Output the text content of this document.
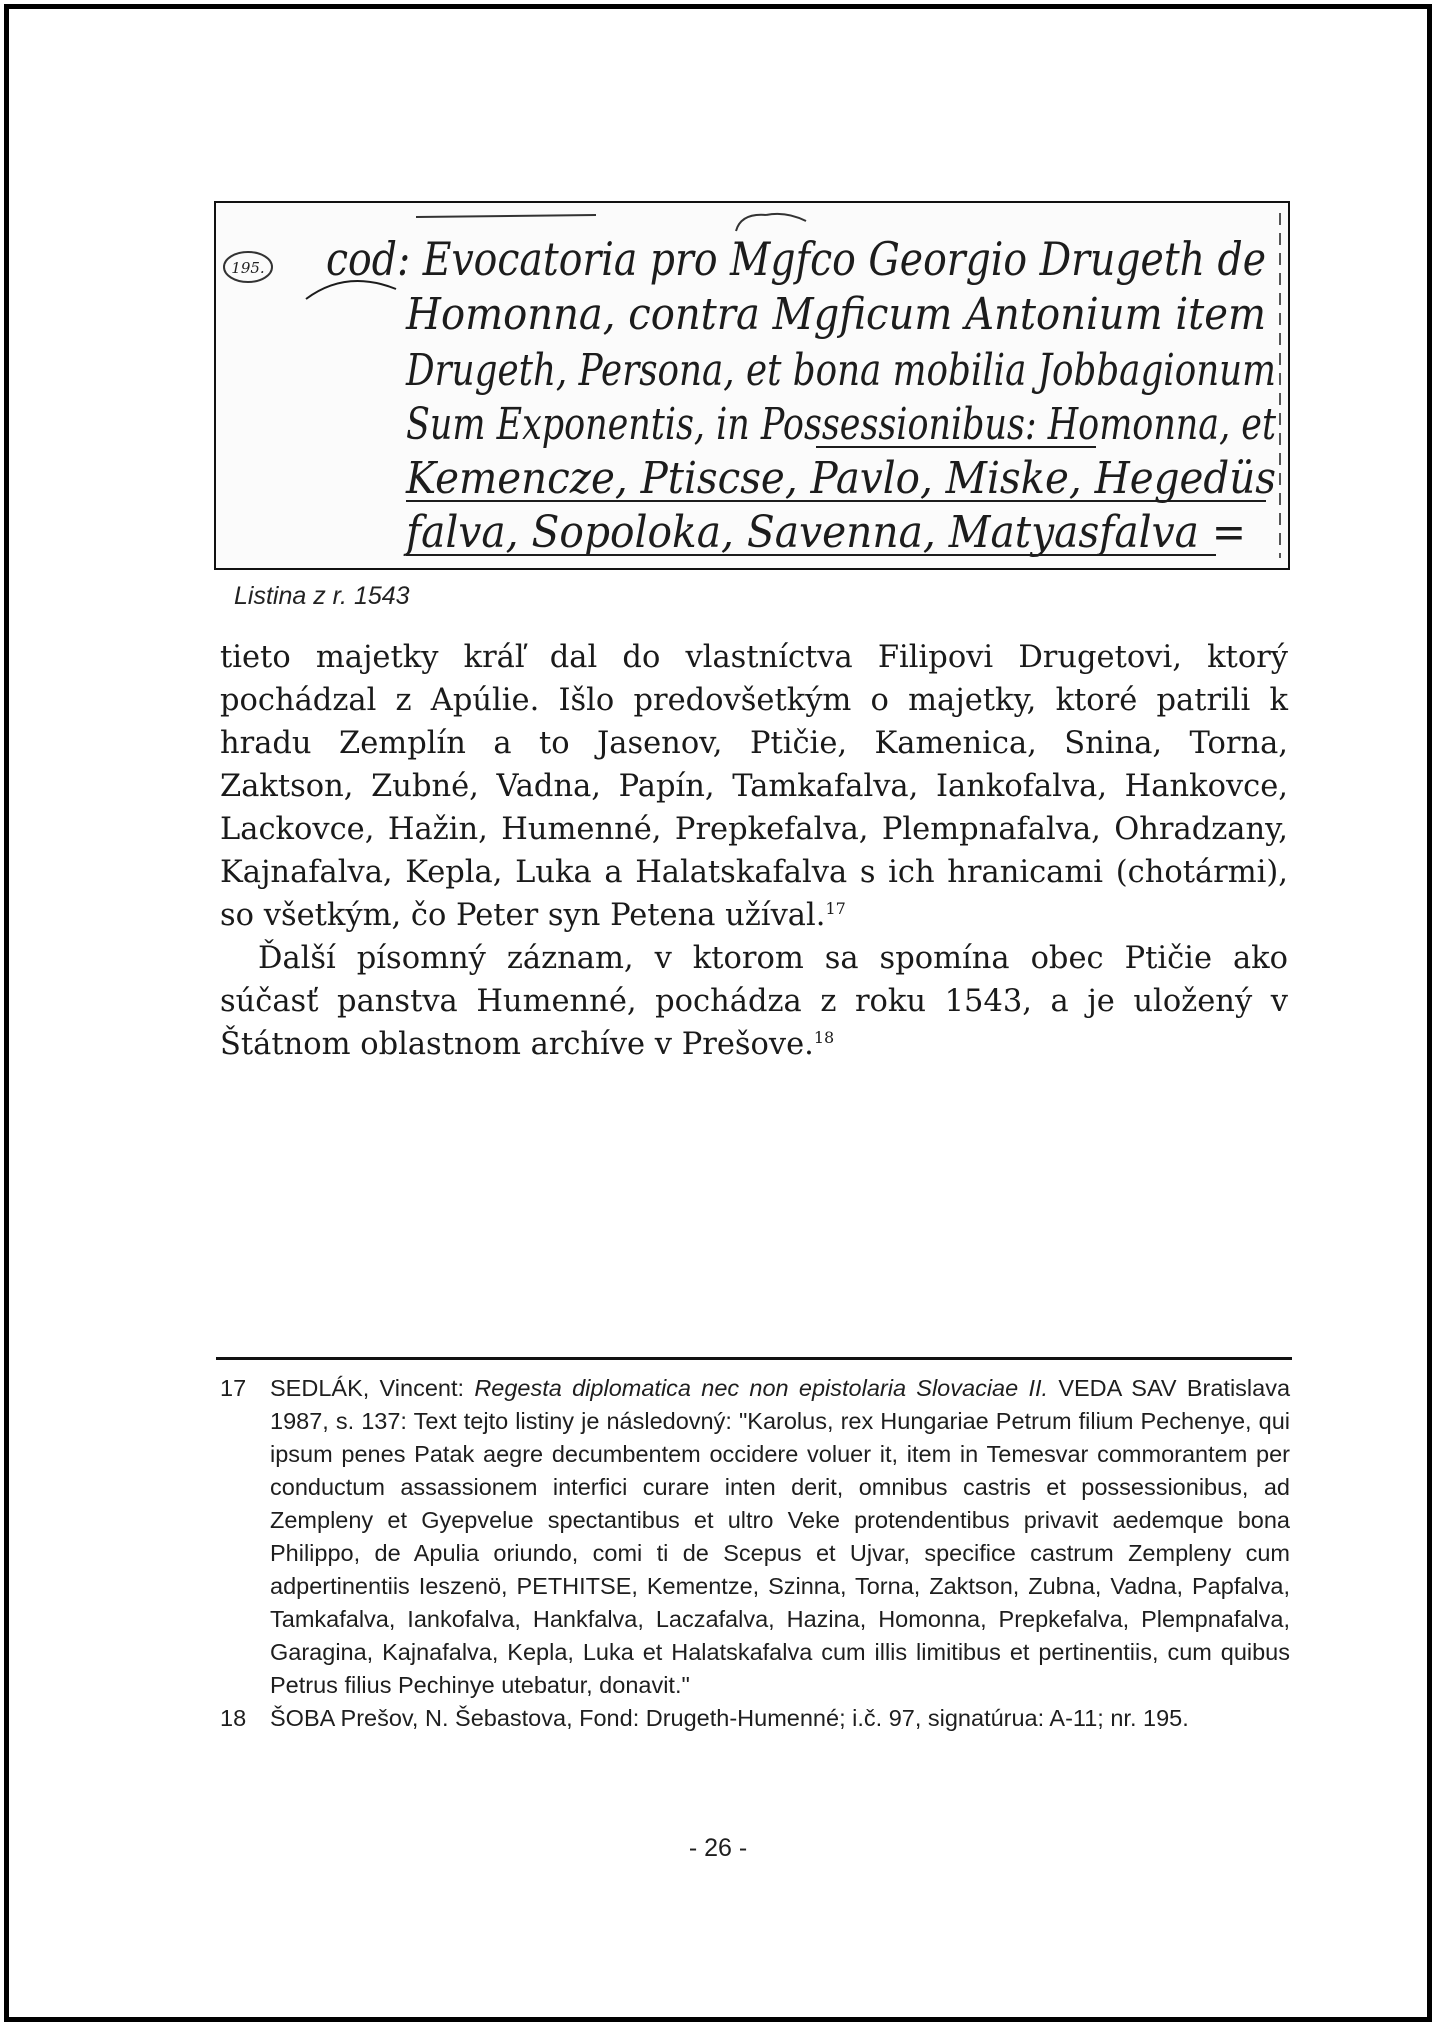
195. cod: Evocatoria pro Mgfco Georgio Drugeth de
Homonna, contra Mgficum Antonium item
Drugeth, Persona, et bona mobilia Jobbagionum
Sum Exponentis, in Possessionibus: Homonna, et
Kemencze, Ptiscse, Pavlo, Miske, Hegedüs
falva, Sopoloka, Savenna, Matyasfalva =
Listina z r. 1543

tieto majetky kráľ dal do vlastníctva Filipovi Drugetovi, ktorý pochádzal z Apúlie. Išlo predovšetkým o majetky, ktoré patrili k hradu Zemplín a to Jasenov, Ptičie, Kamenica, Snina, Torna, Zaktson, Zubné, Vadna, Papín, Tamkafalva, Iankofalva, Hankovce, Lackovce, Hažin, Humenné, Prepkefalva, Plempnafalva, Ohradzany, Kajnafalva, Kepla, Luka a Halatskafalva s ich hranicami (chotármi), so všetkým, čo Peter syn Petena užíval.$^{17}$

Ďalší písomný záznam, v ktorom sa spomína obec Ptičie ako súčasť panstva Humenné, pochádza z roku 1543, a je uložený v Štátnom oblastnom archíve v Prešove.$^{18}$

17	SEDLÁK, Vincent: Regesta diplomatica nec non epistolaria Slovaciae II. VEDA SAV Bratislava 1987, s. 137: Text tejto listiny je následovný: "Karolus, rex Hungariae Petrum filium Pechenye, qui ipsum penes Patak aegre decumbentem occidere voluer it, item in Temesvar commorantem per conductum assassionem interfici curare inten derit, omnibus castris et possessionibus, ad Zempleny et Gyepvelue spectantibus et ultro Veke protendentibus privavit aedemque bona Philippo, de Apulia oriundo, comi ti de Scepus et Ujvar, specifice castrum Zempleny cum adpertinentiis Ieszenö, PETHITSE, Kementze, Szinna, Torna, Zaktson, Zubna, Vadna, Papfalva, Tamkafalva, Iankofalva, Hankfalva, Laczafalva, Hazina, Homonna, Prepkefalva, Plempnafalva, Garagina, Kajnafalva, Kepla, Luka et Halatskafalva cum illis limitibus et pertinentiis, cum quibus Petrus filius Pechinye utebatur, donavit."
18	ŠOBA Prešov, N. Šebastova, Fond: Drugeth-Humenné; i.č. 97, signatúrua: A-11; nr. 195.
- 26 -
